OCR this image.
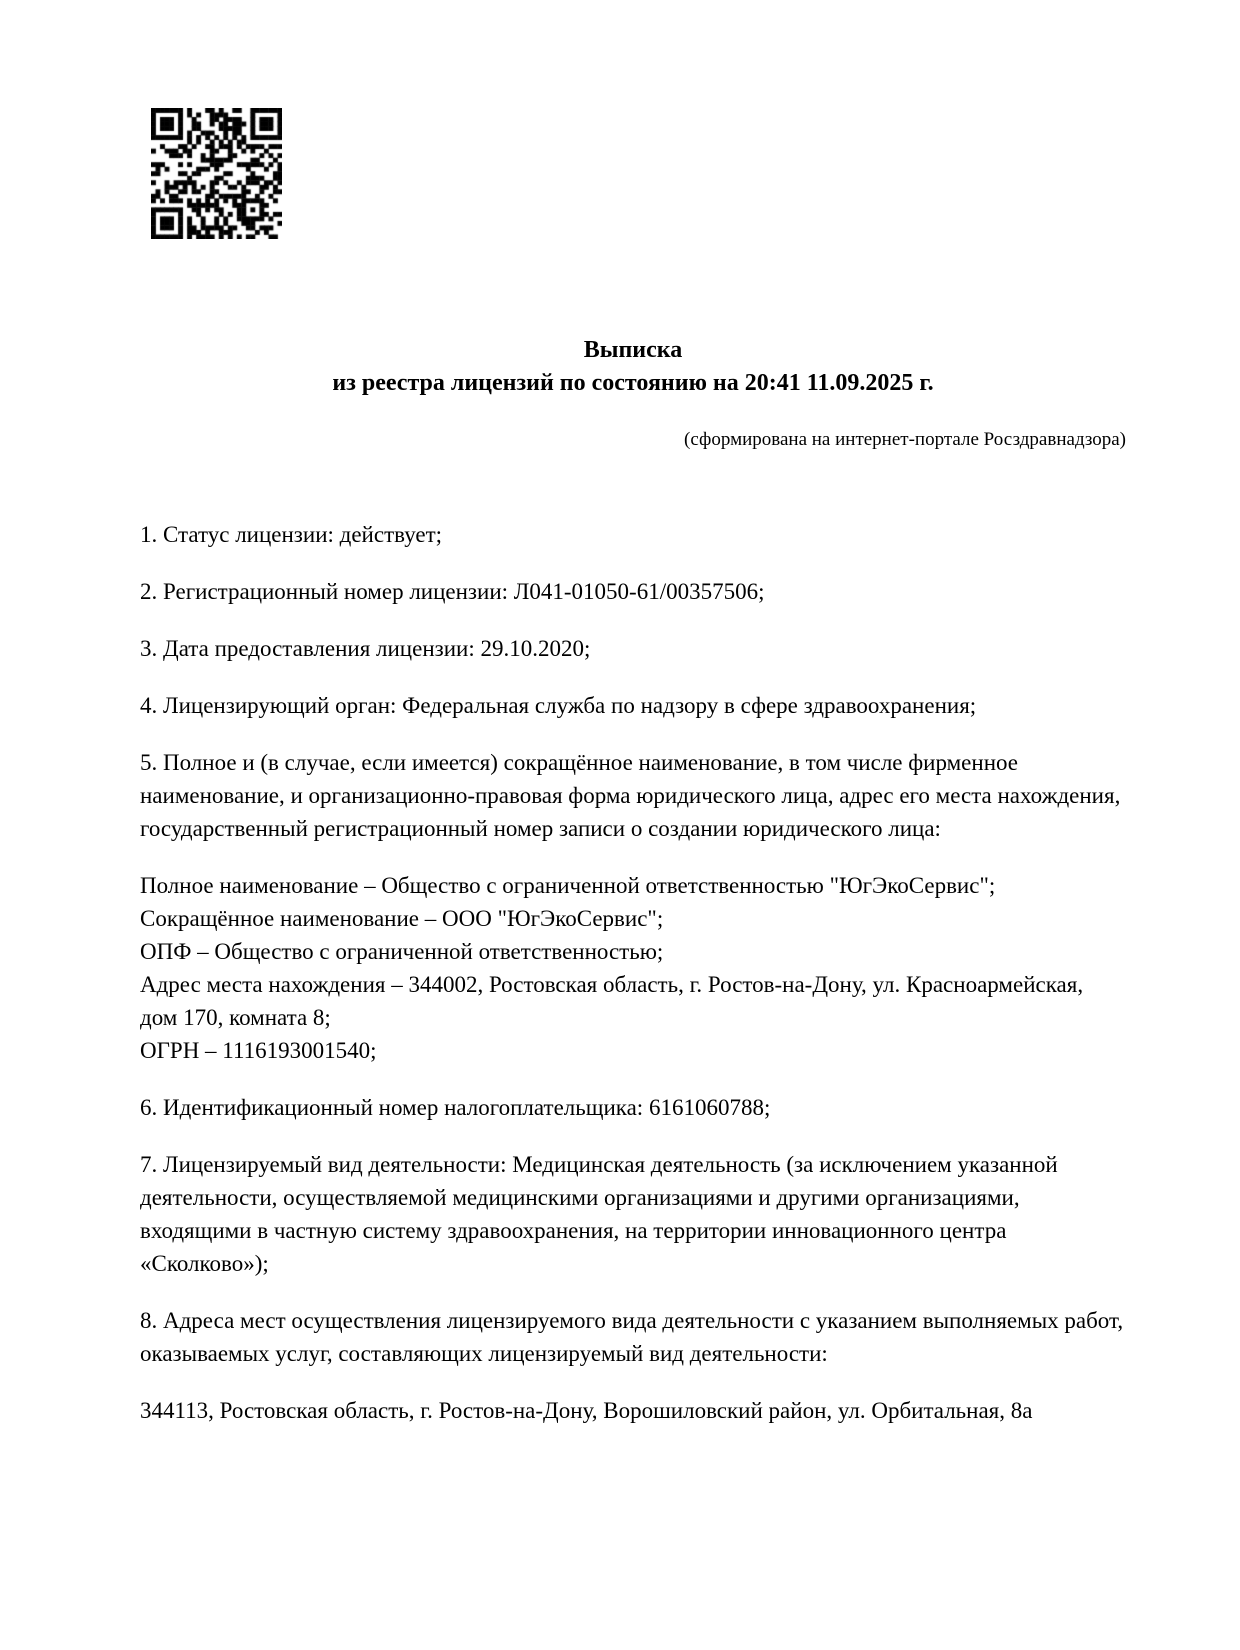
Выписка
из реестра лицензий по состоянию на 20:41 11.09.2025 г.
(сформирована на интернет-портале Росздравнадзора)
1. Статус лицензии: действует;
2. Регистрационный номер лицензии: Л041-01050-61/00357506;
3. Дата предоставления лицензии: 29.10.2020;
4. Лицензирующий орган: Федеральная служба по надзору в сфере здравоохранения;
5. Полное и (в случае, если имеется) сокращённое наименование, в том числе фирменное наименование, и организационно-правовая форма юридического лица, адрес его места нахождения, государственный регистрационный номер записи о создании юридического лица:
Полное наименование – Общество с ограниченной ответственностью "ЮгЭкоСервис";
Сокращённое наименование – ООО "ЮгЭкоСервис";
ОПФ – Общество с ограниченной ответственностью;
Адрес места нахождения – 344002, Ростовская область, г. Ростов-на-Дону, ул. Красноармейская, дом 170, комната 8;
ОГРН – 1116193001540;
6. Идентификационный номер налогоплательщика: 6161060788;
7. Лицензируемый вид деятельности: Медицинская деятельность (за исключением указанной деятельности, осуществляемой медицинскими организациями и другими организациями, входящими в частную систему здравоохранения, на территории инновационного центра «Сколково»);
8. Адреса мест осуществления лицензируемого вида деятельности с указанием выполняемых работ, оказываемых услуг, составляющих лицензируемый вид деятельности:
344113, Ростовская область, г. Ростов-на-Дону, Ворошиловский район, ул. Орбитальная, 8а
